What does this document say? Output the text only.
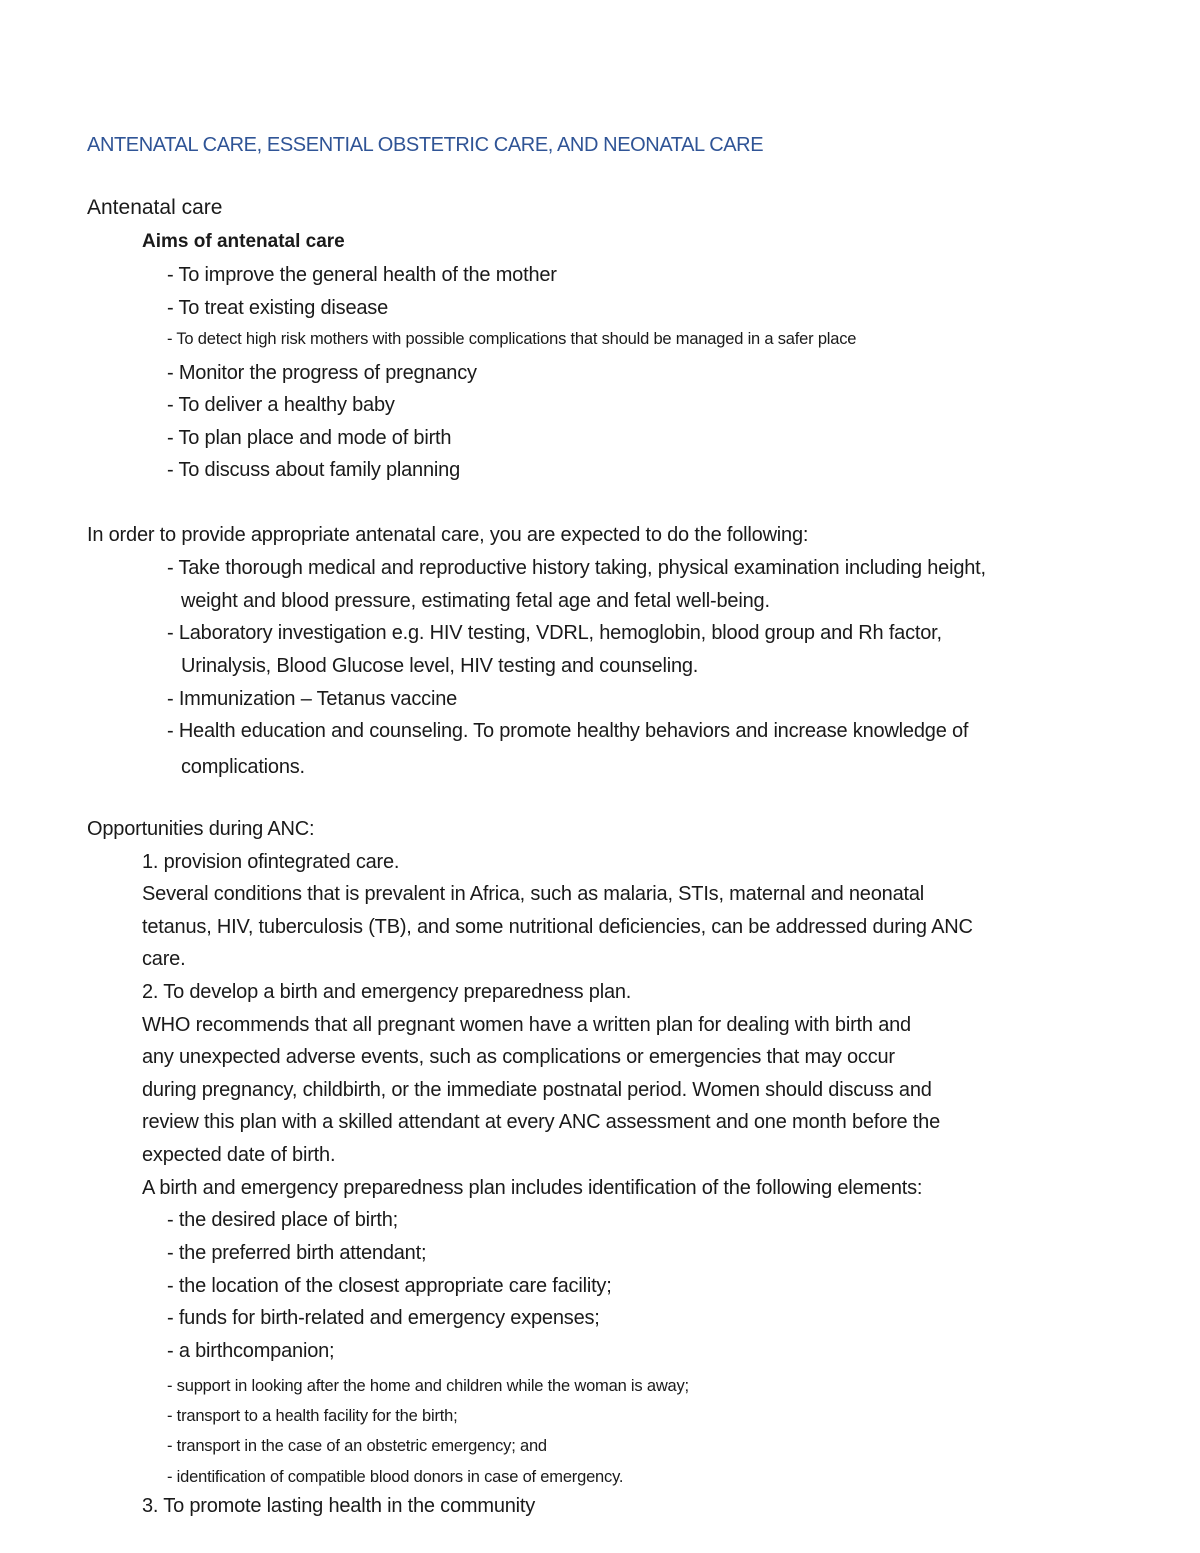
ANTENATAL CARE, ESSENTIAL OBSTETRIC CARE, AND NEONATAL CARE
Antenatal care
Aims of antenatal care
- To improve the general health of the mother
- To treat existing disease
- To detect high risk mothers with possible complications that should be managed in a safer place
- Monitor the progress of pregnancy
- To deliver a healthy baby
- To plan place and mode of birth
- To discuss about family planning
In order to provide appropriate antenatal care, you are expected to do the following:
- Take thorough medical and reproductive history taking, physical examination including height,
weight and blood pressure, estimating fetal age and fetal well-being.
- Laboratory investigation e.g. HIV testing, VDRL, hemoglobin, blood group and Rh factor,
Urinalysis, Blood Glucose level, HIV testing and counseling.
- Immunization – Tetanus vaccine
- Health education and counseling. To promote healthy behaviors and increase knowledge of
complications.
Opportunities during ANC:
1. provision ofintegrated care.
Several conditions that is prevalent in Africa, such as malaria, STIs, maternal and neonatal
tetanus, HIV, tuberculosis (TB), and some nutritional deficiencies, can be addressed during ANC
care.
2. To develop a birth and emergency preparedness plan.
WHO recommends that all pregnant women have a written plan for dealing with birth and
any unexpected adverse events, such as complications or emergencies that may occur
during pregnancy, childbirth, or the immediate postnatal period. Women should discuss and
review this plan with a skilled attendant at every ANC assessment and one month before the
expected date of birth.
A birth and emergency preparedness plan includes identification of the following elements:
- the desired place of birth;
- the preferred birth attendant;
- the location of the closest appropriate care facility;
- funds for birth-related and emergency expenses;
- a birthcompanion;
- support in looking after the home and children while the woman is away;
- transport to a health facility for the birth;
- transport in the case of an obstetric emergency; and
- identification of compatible blood donors in case of emergency.
3. To promote lasting health in the community
